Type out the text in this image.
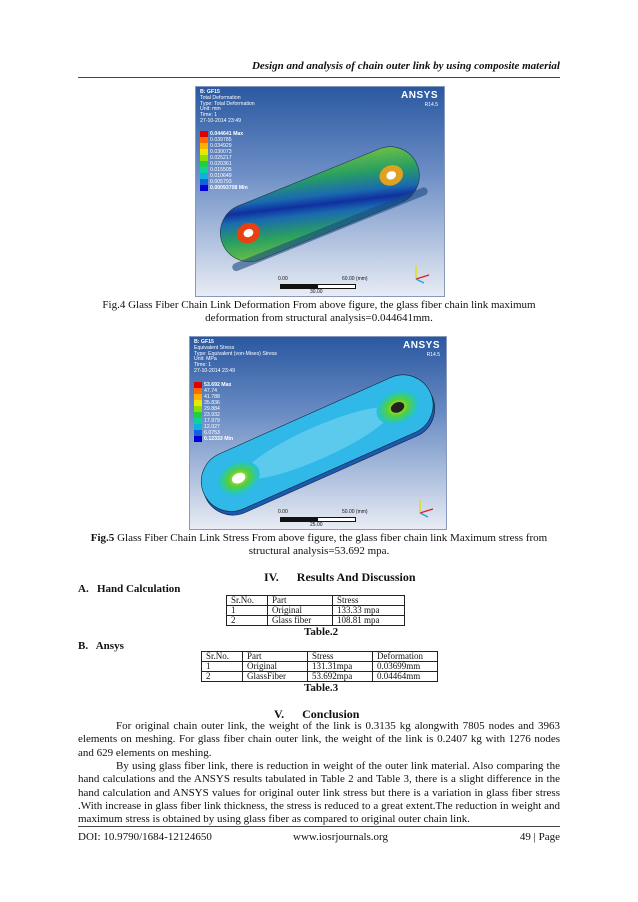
Design and analysis of chain outer link by using composite material
B: GF15
Total Deformation
Type: Total Deformation
Unit: mm
Time: 1
27-10-2014 23:49
ANSYS
R14.5
0.044641 Max
0.039785
0.034929
0.030073
0.025217
0.020361
0.015505
0.010649
0.005793
0.00093708 Min
0.00	60.00 (mm)
30.00
Fig.4 Glass Fiber Chain Link Deformation From above figure, the glass fiber chain link maximum deformation from structural analysis=0.044641mm.
B: GF15
Equivalent Stress
Type: Equivalent (von-Mises) Stress
Unit: MPa
Time: 1
27-10-2014 23:49
ANSYS
R14.5
53.692 Max
47.74
41.788
35.836
29.884
23.932
17.979
12.027
6.0753
0.12333 Min
0.00	50.00 (mm)
25.00
Fig.5 Glass Fiber Chain Link Stress From above figure, the glass fiber chain link Maximum stress from structural analysis=53.692 mpa.
IV.      Results And Discussion
A.   Hand Calculation
Sr.No.	Part	Stress
1	Original	133.33 mpa
2	Glass fiber	108.81 mpa
Table.2
B.   Ansys
Sr.No.	Part	Stress	Deformation
1	Original	131.31mpa	0.03699mm
2	GlassFiber	53.692mpa	0.04464mm
Table.3
V.      Conclusion
For original chain outer link, the weight of the link is 0.3135 kg alongwith 7805 nodes and 3963 elements on meshing. For glass fiber chain outer link, the weight of the link is 0.2407 kg with 1276 nodes and 629 elements on meshing.
By using glass fiber link, there is reduction in weight of the outer link material. Also comparing the hand calculations and the ANSYS results tabulated in Table 2 and Table 3, there is a slight difference in the hand calculation and ANSYS values for original outer link stress but there is a variation in glass fiber stress .With increase in glass fiber link thickness, the stress is reduced to a great extent.The reduction in weight and maximum stress is obtained by using glass fiber as compared to original outer chain link.
DOI: 10.9790/1684-12124650	www.iosrjournals.org	49 | Page
